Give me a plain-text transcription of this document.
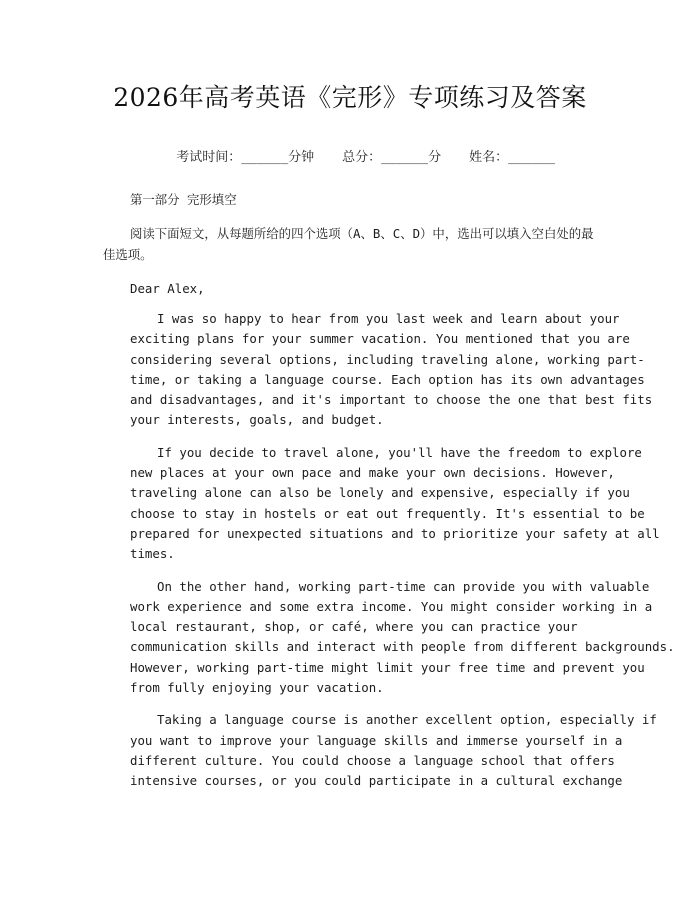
2026年高考英语《完形》专项练习及答案

考试时间：______分钟 总分：______分 姓名：______

第一部分 完形填空

阅读下面短文，从每题所给的四个选项（A、B、C、D）中，选出可以填入空白处的最佳选项。

Dear Alex,

I was so happy to hear from you last week and learn about your
exciting plans for your summer vacation. You mentioned that you are
considering several options, including traveling alone, working part-
time, or taking a language course. Each option has its own advantages
and disadvantages, and it's important to choose the one that best fits
your interests, goals, and budget.
If you decide to travel alone, you'll have the freedom to explore
new places at your own pace and make your own decisions. However,
traveling alone can also be lonely and expensive, especially if you
choose to stay in hostels or eat out frequently. It's essential to be
prepared for unexpected situations and to prioritize your safety at all
times.
On the other hand, working part-time can provide you with valuable
work experience and some extra income. You might consider working in a
local restaurant, shop, or café, where you can practice your
communication skills and interact with people from different backgrounds.
However, working part-time might limit your free time and prevent you
from fully enjoying your vacation.
Taking a language course is another excellent option, especially if
you want to improve your language skills and immerse yourself in a
different culture. You could choose a language school that offers
intensive courses, or you could participate in a cultural exchange
